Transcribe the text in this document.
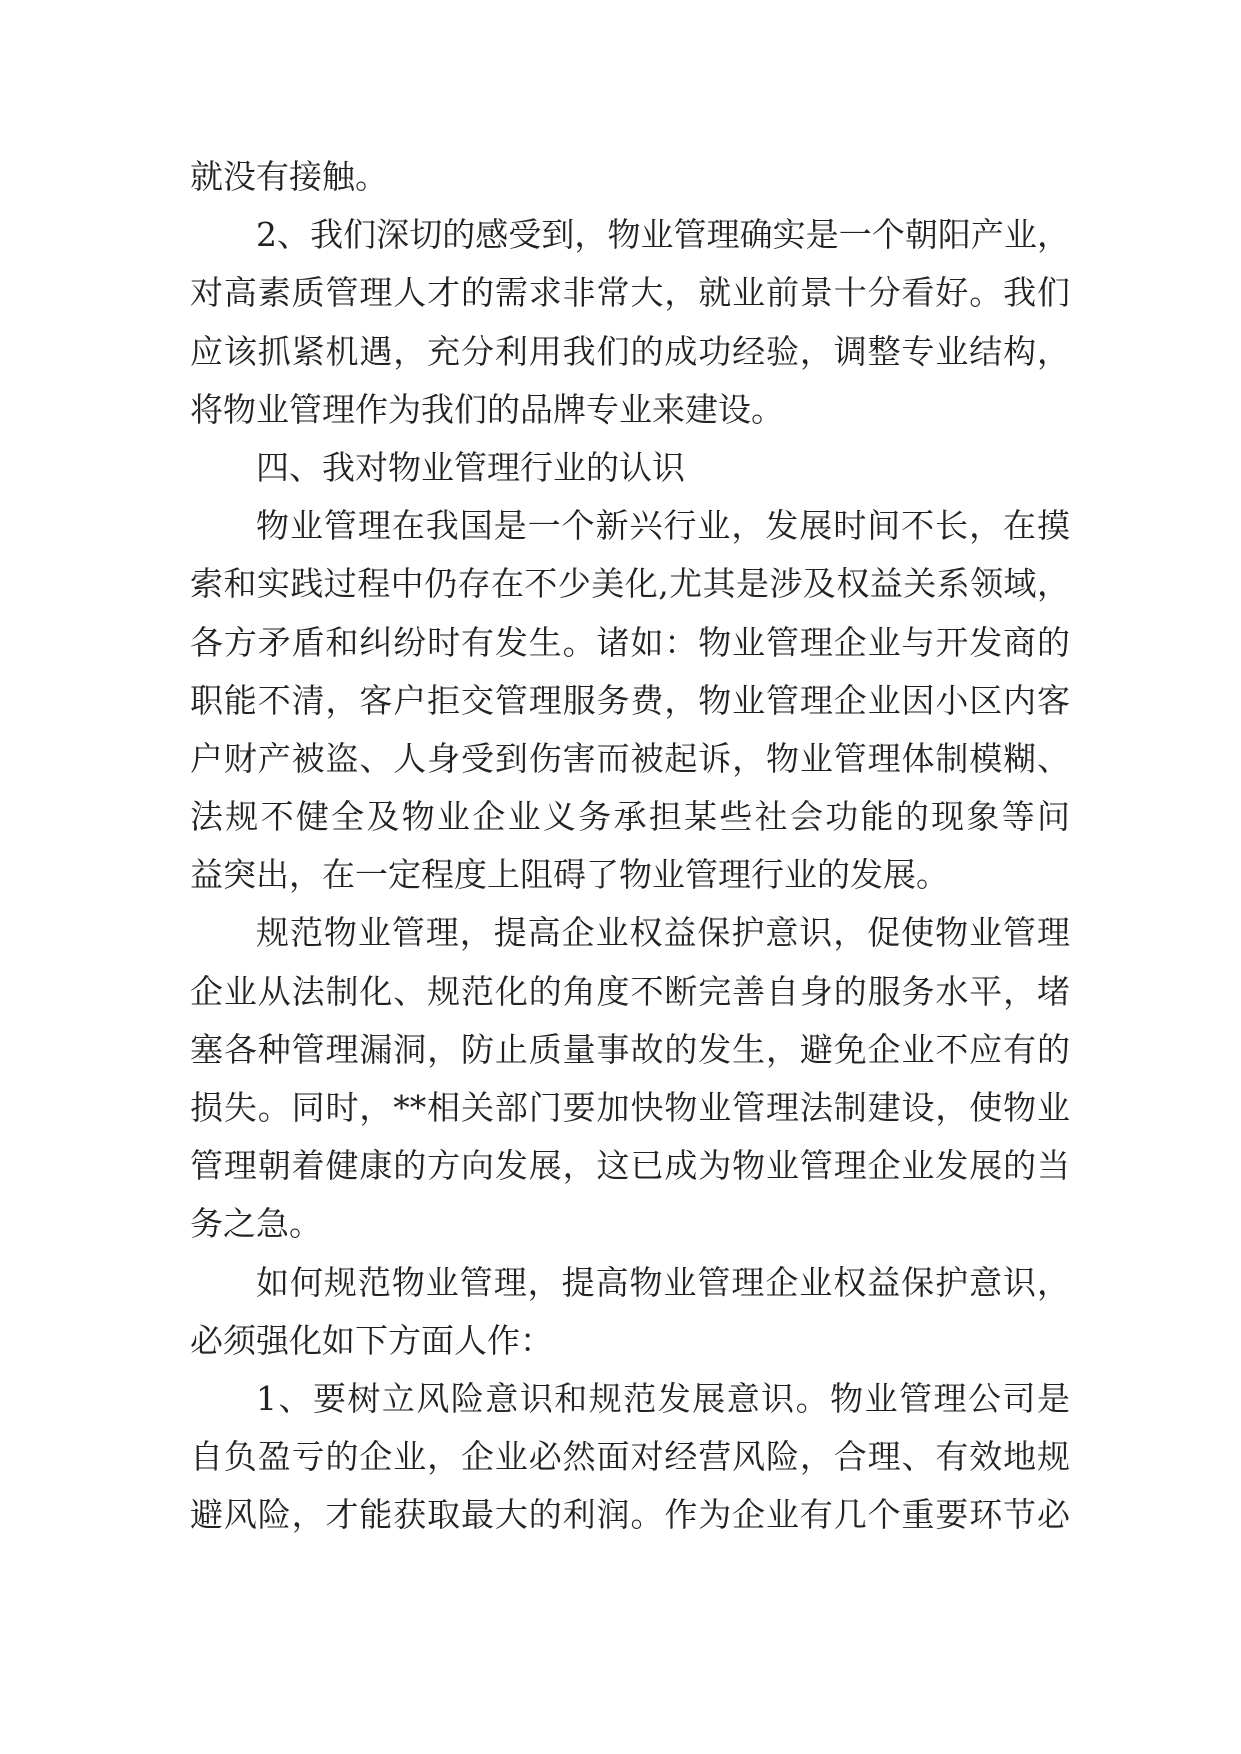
就没有接触。
2、我们深切的感受到，物业管理确实是一个朝阳产业，
对高素质管理人才的需求非常大，就业前景十分看好。我们
应该抓紧机遇，充分利用我们的成功经验，调整专业结构，
将物业管理作为我们的品牌专业来建设。
四、我对物业管理行业的认识
物业管理在我国是一个新兴行业，发展时间不长，在摸
索和实践过程中仍存在不少美化,尤其是涉及权益关系领域，
各方矛盾和纠纷时有发生。诸如：物业管理企业与开发商的
职能不清，客户拒交管理服务费，物业管理企业因小区内客
户财产被盗、人身受到伤害而被起诉，物业管理体制模糊、
法规不健全及物业企业义务承担某些社会功能的现象等问
益突出，在一定程度上阻碍了物业管理行业的发展。
规范物业管理，提高企业权益保护意识，促使物业管理
企业从法制化、规范化的角度不断完善自身的服务水平，堵
塞各种管理漏洞，防止质量事故的发生，避免企业不应有的
损失。同时，**相关部门要加快物业管理法制建设，使物业
管理朝着健康的方向发展，这已成为物业管理企业发展的当
务之急。
如何规范物业管理，提高物业管理企业权益保护意识，
必须强化如下方面人作：
1、要树立风险意识和规范发展意识。物业管理公司是
自负盈亏的企业，企业必然面对经营风险，合理、有效地规
避风险，才能获取最大的利润。作为企业有几个重要环节必
